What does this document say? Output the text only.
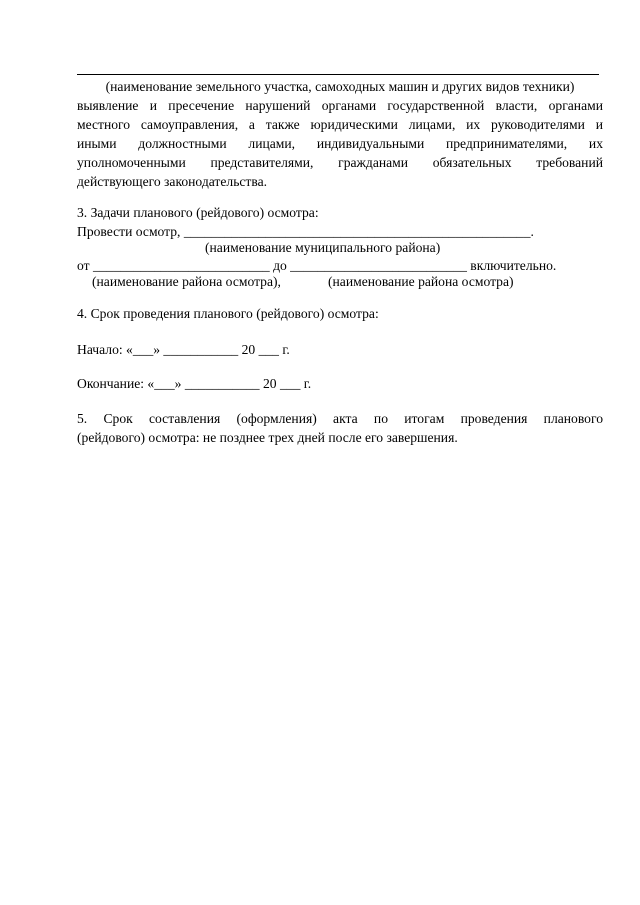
(наименование земельного участка, самоходных машин и других видов техники)
выявление и пресечение нарушений органами государственной власти, органами
местного самоуправления, а также юридическими лицами, их руководителями и
иными должностными лицами, индивидуальными предпринимателями, их
уполномоченными представителями, гражданами обязательных требований
действующего законодательства.
3. Задачи планового (рейдового) осмотра:
Провести осмотр, ___________________________________________________.
(наименование муниципального района)
от __________________________ до __________________________ включительно.
(наименование района осмотра),	(наименование района осмотра)
4. Срок проведения планового (рейдового) осмотра:
Начало: «___» ___________ 20 ___ г.
Окончание: «___» ___________ 20 ___ г.
5. Срок составления (оформления) акта по итогам проведения планового
(рейдового) осмотра: не позднее трех дней после его завершения.
